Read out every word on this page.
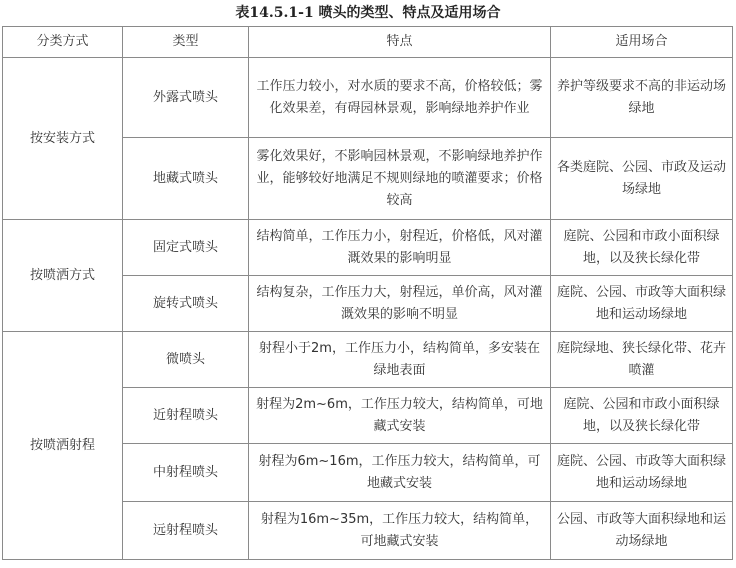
表14.5.1-1 喷头的类型、特点及适用场合
分类方式	类型	特点	适用场合
按安装方式	外露式喷头	工作压力较小，对水质的要求不高，价格较低；雾化效果差，有碍园林景观，影响绿地养护作业	养护等级要求不高的非运动场绿地
	地藏式喷头	雾化效果好，不影响园林景观，不影响绿地养护作业，能够较好地满足不规则绿地的喷灌要求；价格较高	各类庭院、公园、市政及运动场绿地
按喷洒方式	固定式喷头	结构简单，工作压力小，射程近，价格低，风对灌溉效果的影响明显	庭院、公园和市政小面积绿地，以及狭长绿化带
	旋转式喷头	结构复杂，工作压力大，射程远，单价高，风对灌溉效果的影响不明显	庭院、公园、市政等大面积绿地和运动场绿地
按喷洒射程	微喷头	射程小于2m，工作压力小，结构简单，多安装在绿地表面	庭院绿地、狭长绿化带、花卉喷灌
	近射程喷头	射程为2m~6m，工作压力较大，结构简单，可地藏式安装	庭院、公园和市政小面积绿地，以及狭长绿化带
	中射程喷头	射程为6m~16m，工作压力较大，结构简单，可地藏式安装	庭院、公园、市政等大面积绿地和运动场绿地
	远射程喷头	射程为16m~35m，工作压力较大，结构简单，可地藏式安装	公园、市政等大面积绿地和运动场绿地
